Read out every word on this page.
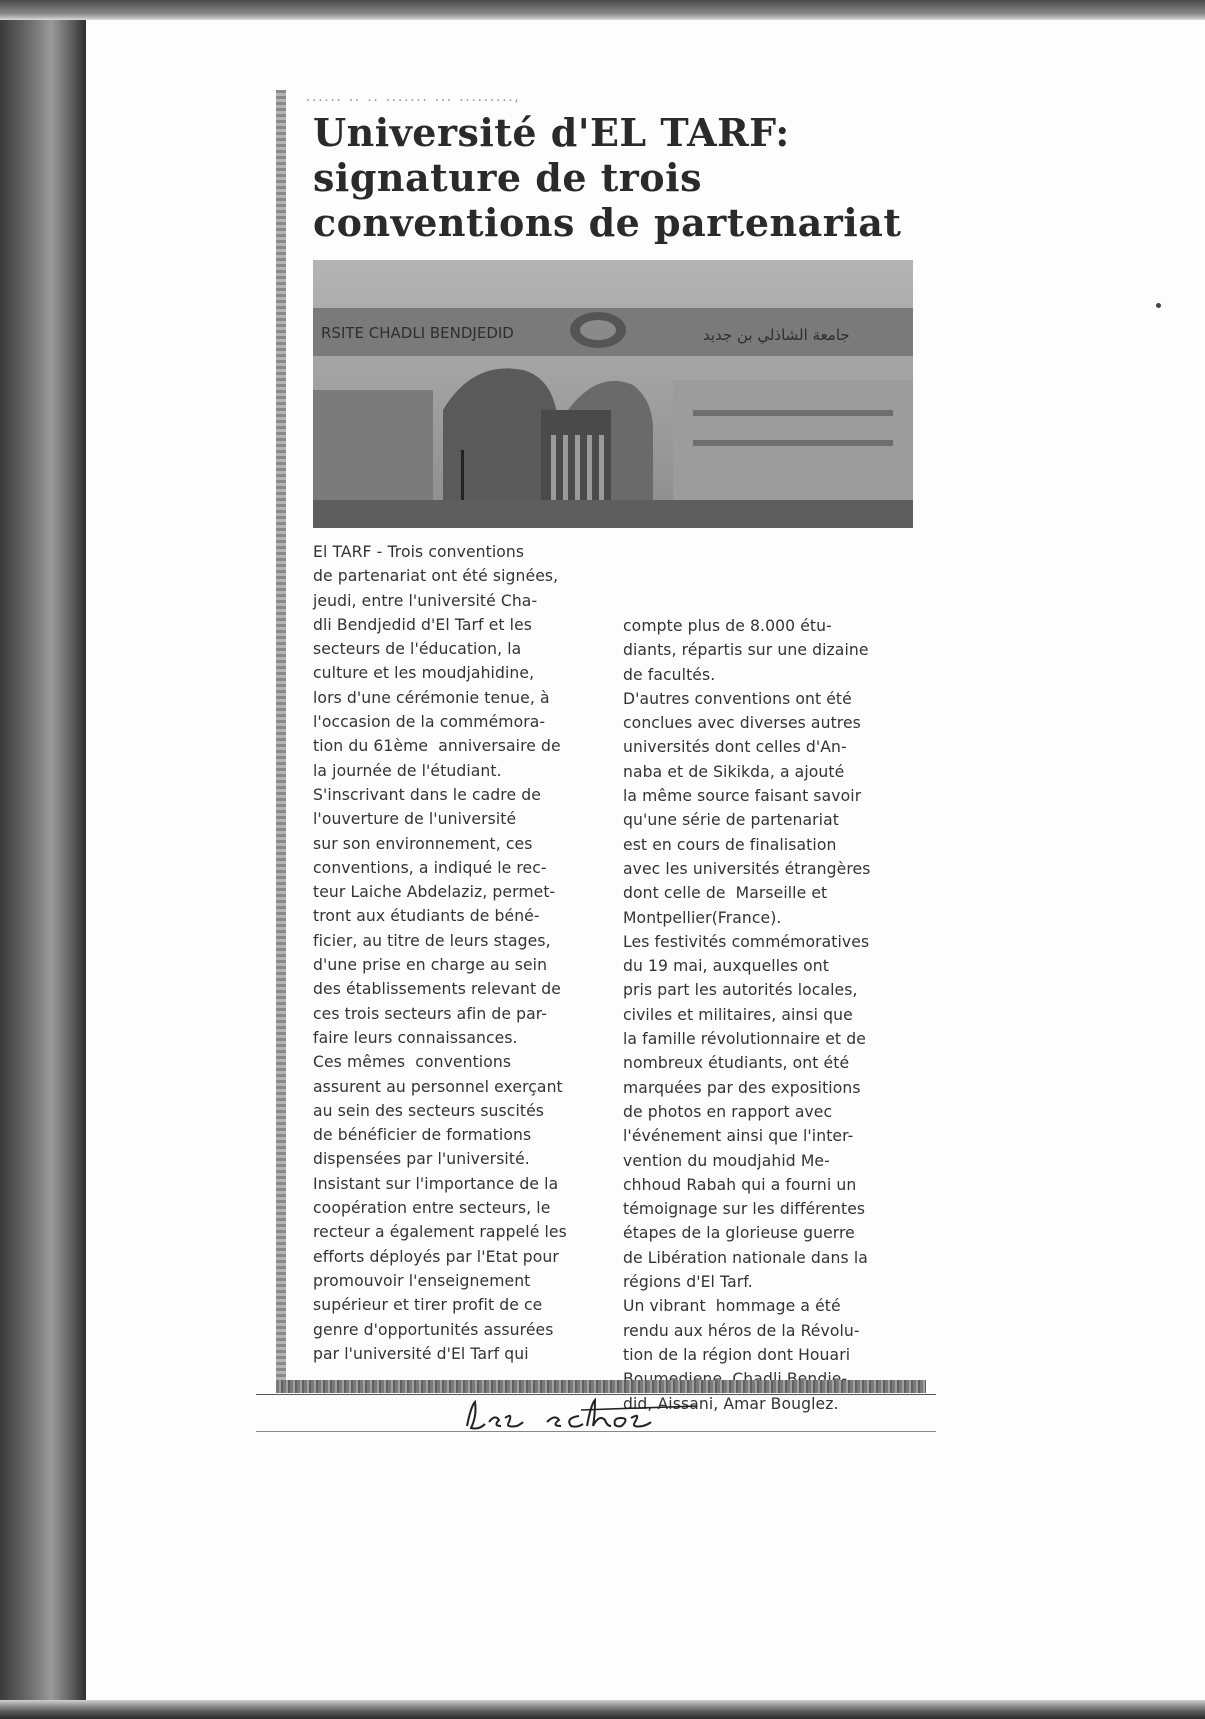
...... .. .. ....... ... .........,
Université d'EL TARF:
signature de trois
conventions de partenariat
RSITE CHADLI BENDJEDID	جامعة الشاذلي بن جديد

El TARF - Trois conventions
de partenariat ont été signées,
jeudi, entre l'université Cha-
dli Bendjedid d'El Tarf et les
secteurs de l'éducation, la
culture et les moudjahidine,
lors d'une cérémonie tenue, à
l'occasion de la commémora-
tion du 61ème  anniversaire de
la journée de l'étudiant.
S'inscrivant dans le cadre de
l'ouverture de l'université
sur son environnement, ces
conventions, a indiqué le rec-
teur Laiche Abdelaziz, permet-
tront aux étudiants de béné-
ficier, au titre de leurs stages,
d'une prise en charge au sein
des établissements relevant de
ces trois secteurs afin de par-
faire leurs connaissances.
Ces mêmes  conventions
assurent au personnel exerçant
au sein des secteurs suscités
de bénéficier de formations
dispensées par l'université.
Insistant sur l'importance de la
coopération entre secteurs, le
recteur a également rappelé les
efforts déployés par l'Etat pour
promouvoir l'enseignement
supérieur et tirer profit de ce
genre d'opportunités assurées
par l'université d'El Tarf qui

compte plus de 8.000 étu-
diants, répartis sur une dizaine
de facultés.
D'autres conventions ont été
conclues avec diverses autres
universités dont celles d'An-
naba et de Sikikda, a ajouté
la même source faisant savoir
qu'une série de partenariat
est en cours de finalisation
avec les universités étrangères
dont celle de  Marseille et
Montpellier(France).
Les festivités commémoratives
du 19 mai, auxquelles ont
pris part les autorités locales,
civiles et militaires, ainsi que
la famille révolutionnaire et de
nombreux étudiants, ont été
marquées par des expositions
de photos en rapport avec
l'événement ainsi que l'inter-
vention du moudjahid Me-
chhoud Rabah qui a fourni un
témoignage sur les différentes
étapes de la glorieuse guerre
de Libération nationale dans la
régions d'El Tarf.
Un vibrant  hommage a été
rendu aux héros de la Révolu-
tion de la région dont Houari

did, Aissani, Amar Bouglez.
